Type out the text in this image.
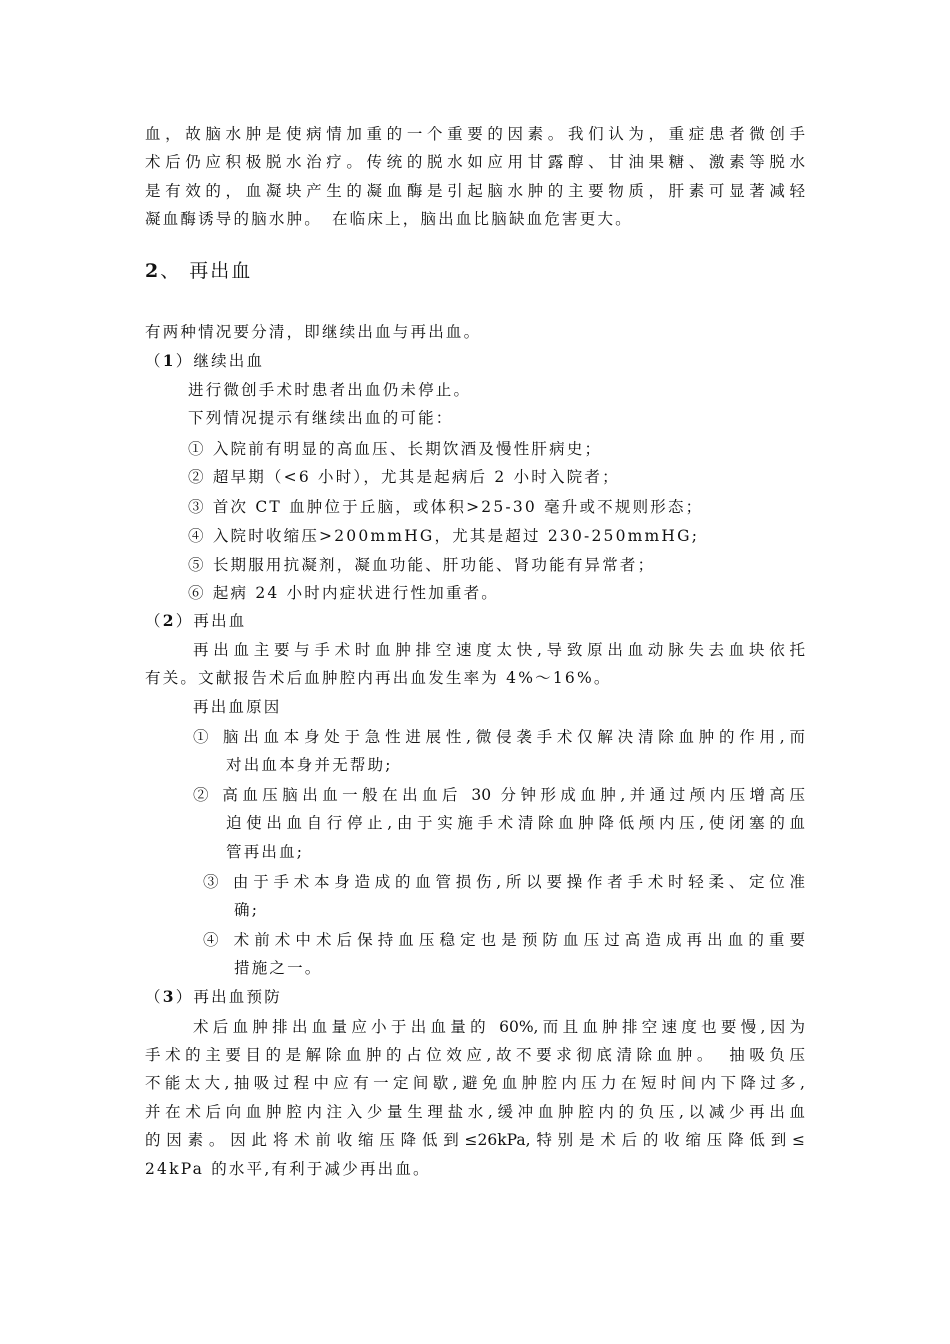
血，故脑水肿是使病情加重的一个重要的因素。我们认为，重症患者微创手
术后仍应积极脱水治疗。传统的脱水如应用甘露醇、甘油果糖、激素等脱水
是有效的，血凝块产生的凝血酶是引起脑水肿的主要物质，肝素可显著减轻
凝血酶诱导的脑水肿。　在临床上，脑出血比脑缺血危害更大。
2、 再出血
有两种情况要分清，即继续出血与再出血。
（1）继续出血
进行微创手术时患者出血仍未停止。
下列情况提示有继续出血的可能：
① 入院前有明显的高血压、长期饮酒及慢性肝病史；
② 超早期（<6 小时），尤其是起病后 2 小时入院者；
③ 首次 CT 血肿位于丘脑，或体积>25-30 毫升或不规则形态；
④ 入院时收缩压>200mmHG，尤其是超过 230-250mmHG;
⑤ 长期服用抗凝剂，凝血功能、肝功能、肾功能有异常者；
⑥ 起病 24 小时内症状进行性加重者。
（2）再出血
再出血主要与手术时血肿排空速度太快,导致原出血动脉失去血块依托
有关。文献报告术后血肿腔内再出血发生率为 4%～16%。
再出血原因
① 脑出血本身处于急性进展性,微侵袭手术仅解决清除血肿的作用,而
对出血本身并无帮助;
② 高血压脑出血一般在出血后 30 分钟形成血肿,并通过颅内压增高压
迫使出血自行停止,由于实施手术清除血肿降低颅内压,使闭塞的血
管再出血;
③ 由于手术本身造成的血管损伤,所以要操作者手术时轻柔、定位准
确;
④ 术前术中术后保持血压稳定也是预防血压过高造成再出血的重要
措施之一。
（3）再出血预防
术后血肿排出血量应小于出血量的 60%,而且血肿排空速度也要慢,因为
手术的主要目的是解除血肿的占位效应,故不要求彻底清除血肿。　抽吸负压
不能太大,抽吸过程中应有一定间歇,避免血肿腔内压力在短时间内下降过多,
并在术后向血肿腔内注入少量生理盐水,缓冲血肿腔内的负压,以减少再出血
的因素。因此将术前收缩压降低到≤26kPa,特别是术后的收缩压降低到≤
24kPa 的水平,有利于减少再出血。
